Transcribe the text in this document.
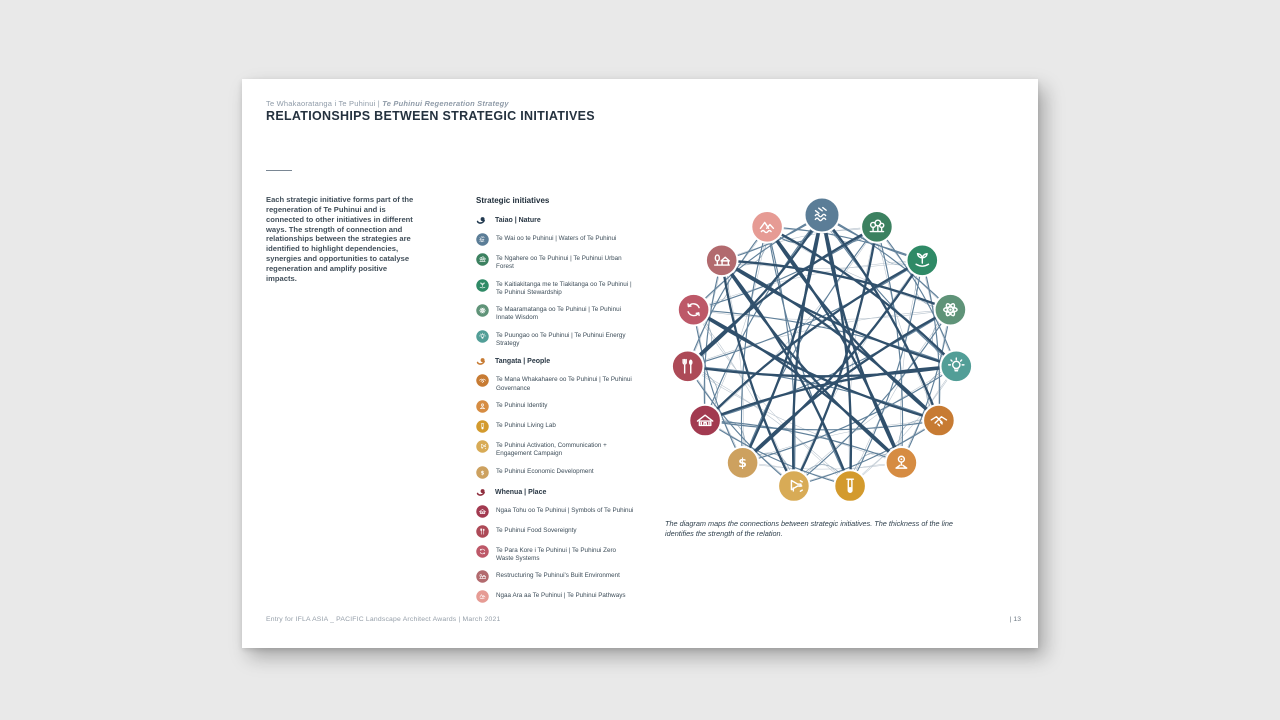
Te Whakaoratanga i Te Puhinui | Te Puhinui Regeneration Strategy
RELATIONSHIPS BETWEEN STRATEGIC INITIATIVES

Each strategic initiative forms part of the regeneration of Te Puhinui and is connected to other initiatives in different ways. The strength of connection and relationships between the strategies are identified to highlight dependencies, synergies and opportunities to catalyse regeneration and amplify positive impacts.

Strategic initiatives
Taiao | Nature
Te Wai oo te Puhinui | Waters of Te Puhinui
Te Ngahere oo Te Puhinui | Te Puhinui Urban Forest
Te Kaitiakitanga me te Tiakitanga oo Te Puhinui | Te Puhinui Stewardship
Te Maaramatanga oo Te Puhinui | Te Puhinui Innate Wisdom
Te Puungao oo Te Puhinui | Te Puhinui Energy Strategy
Tangata | People
Te Mana Whakahaere oo Te Puhinui | Te Puhinui Governance
Te Puhinui Identity
Te Puhinui Living Lab
Te Puhinui Activation, Communication + Engagement Campaign
$ Te Puhinui Economic Development
Whenua | Place
Ngaa Tohu oo Te Puhinui | Symbols of Te Puhinui
Te Puhinui Food Sovereignty
Te Para Kore i Te Puhinui | Te Puhinui Zero Waste Systems
Restructuring Te Puhinui's Built Environment
Ngaa Ara aa Te Puhinui | Te Puhinui Pathways
$

The diagram maps the connections between strategic initiatives. The thickness of the line identifies the strength of the relation.

Entry for IFLA ASIA _ PACIFIC Landscape Architect Awards | March 2021	| 13
